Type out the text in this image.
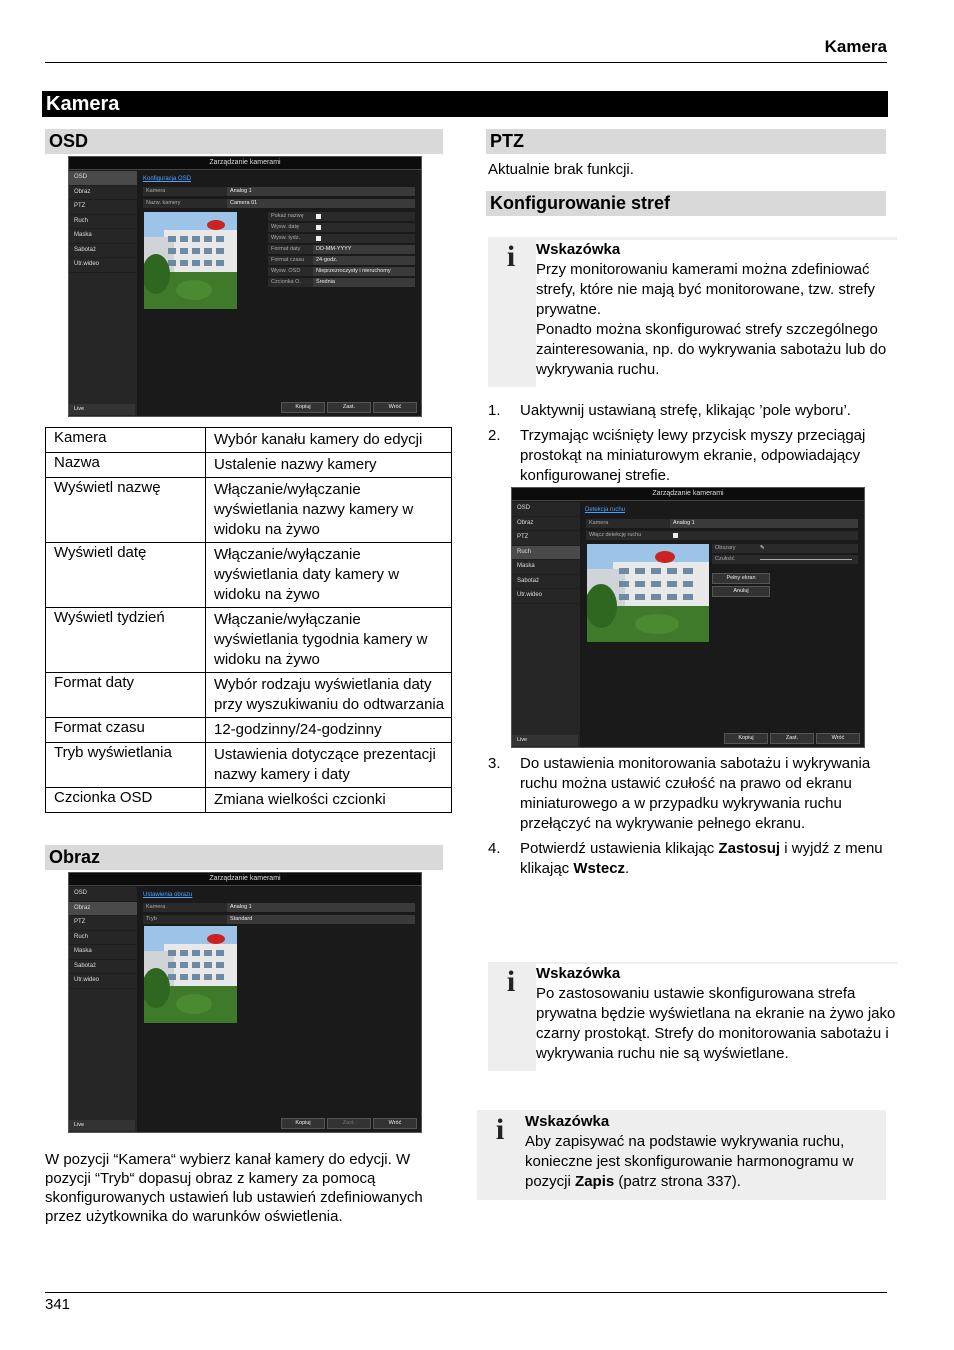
Kamera
Kamera
OSD
Zarządzanie kamerami
OSD
Obraz
PTZ
Ruch
Maska
Sabotaż
Utr.wideo
Konfiguracja OSD
Kamera	Analog 1
Nazw. kamery	Camera 01
Pokaż nazwę
Wysw. datę
Wysw. tydz.
Format daty	DD-MM-YYYY
Format czasu	24-godz.
Wysw. OSD	Nieprzezroczysty i nieruchomy
Czcionka O.	Średnia
Live	Kopiuj	Zast.	Wróć
Kamera	Wybór kanału kamery do edycji
Nazwa	Ustalenie nazwy kamery
Wyświetl nazwę	Włączanie/wyłączanie wyświetlania nazwy kamery w widoku na żywo
Wyświetl datę	Włączanie/wyłączanie wyświetlania daty kamery w widoku na żywo
Wyświetl tydzień	Włączanie/wyłączanie wyświetlania tygodnia kamery w widoku na żywo
Format daty	Wybór rodzaju wyświetlania daty przy wyszukiwaniu do odtwarzania
Format czasu	12-godzinny/24-godzinny
Tryb wyświetlania	Ustawienia dotyczące prezentacji nazwy kamery i daty
Czcionka OSD	Zmiana wielkości czcionki
Obraz
Zarządzanie kamerami
OSD
Obraz
PTZ
Ruch
Maska
Sabotaż
Utr.wideo
Ustawienia obrazu
Kamera	Analog 1
Tryb	Standard
Live	Kopiuj	Zast.	Wróć
W pozycji “Kamera“ wybierz kanał kamery do edycji. W pozycji “Tryb“ dopasuj obraz z kamery za pomocą skonfigurowanych ustawień lub ustawień zdefiniowanych przez użytkownika do warunków oświetlenia.
PTZ
Aktualnie brak funkcji.
Konfigurowanie stref
i	Wskazówka
Przy monitorowaniu kamerami można zdefiniować strefy, które nie mają być monitorowane, tzw. strefy prywatne.
Ponadto można skonfigurować strefy szczególnego zainteresowania, np. do wykrywania sabotażu lub do wykrywania ruchu.
1. Uaktywnij ustawianą strefę, klikając ’pole wyboru’.
2. Trzymając wciśnięty lewy przycisk myszy przeciągaj prostokąt na miniaturowym ekranie, odpowiadający konfigurowanej strefie.
Zarządzanie kamerami
OSD
Obraz
PTZ
Ruch
Maska
Sabotaż
Utr.wideo
Detekcja ruchu
Kamera	Analog 1
Włącz detekcję ruchu
Obszary	✎
Czułość
Pełny ekran
Anuluj
Live	Kopiuj	Zast.	Wróć
3. Do ustawienia monitorowania sabotażu i wykrywania ruchu można ustawić czułość na prawo od ekranu miniaturowego a w przypadku wykrywania ruchu przełączyć na wykrywanie pełnego ekranu.
4. Potwierdź ustawienia klikając Zastosuj i wyjdź z menu klikając Wstecz.
i	Wskazówka
Po zastosowaniu ustawie skonfigurowana strefa prywatna będzie wyświetlana na ekranie na żywo jako czarny prostokąt. Strefy do monitorowania sabotażu i wykrywania ruchu nie są wyświetlane.
i	Wskazówka
Aby zapisywać na podstawie wykrywania ruchu, konieczne jest skonfigurowanie harmonogramu w pozycji Zapis (patrz strona 337).
341
